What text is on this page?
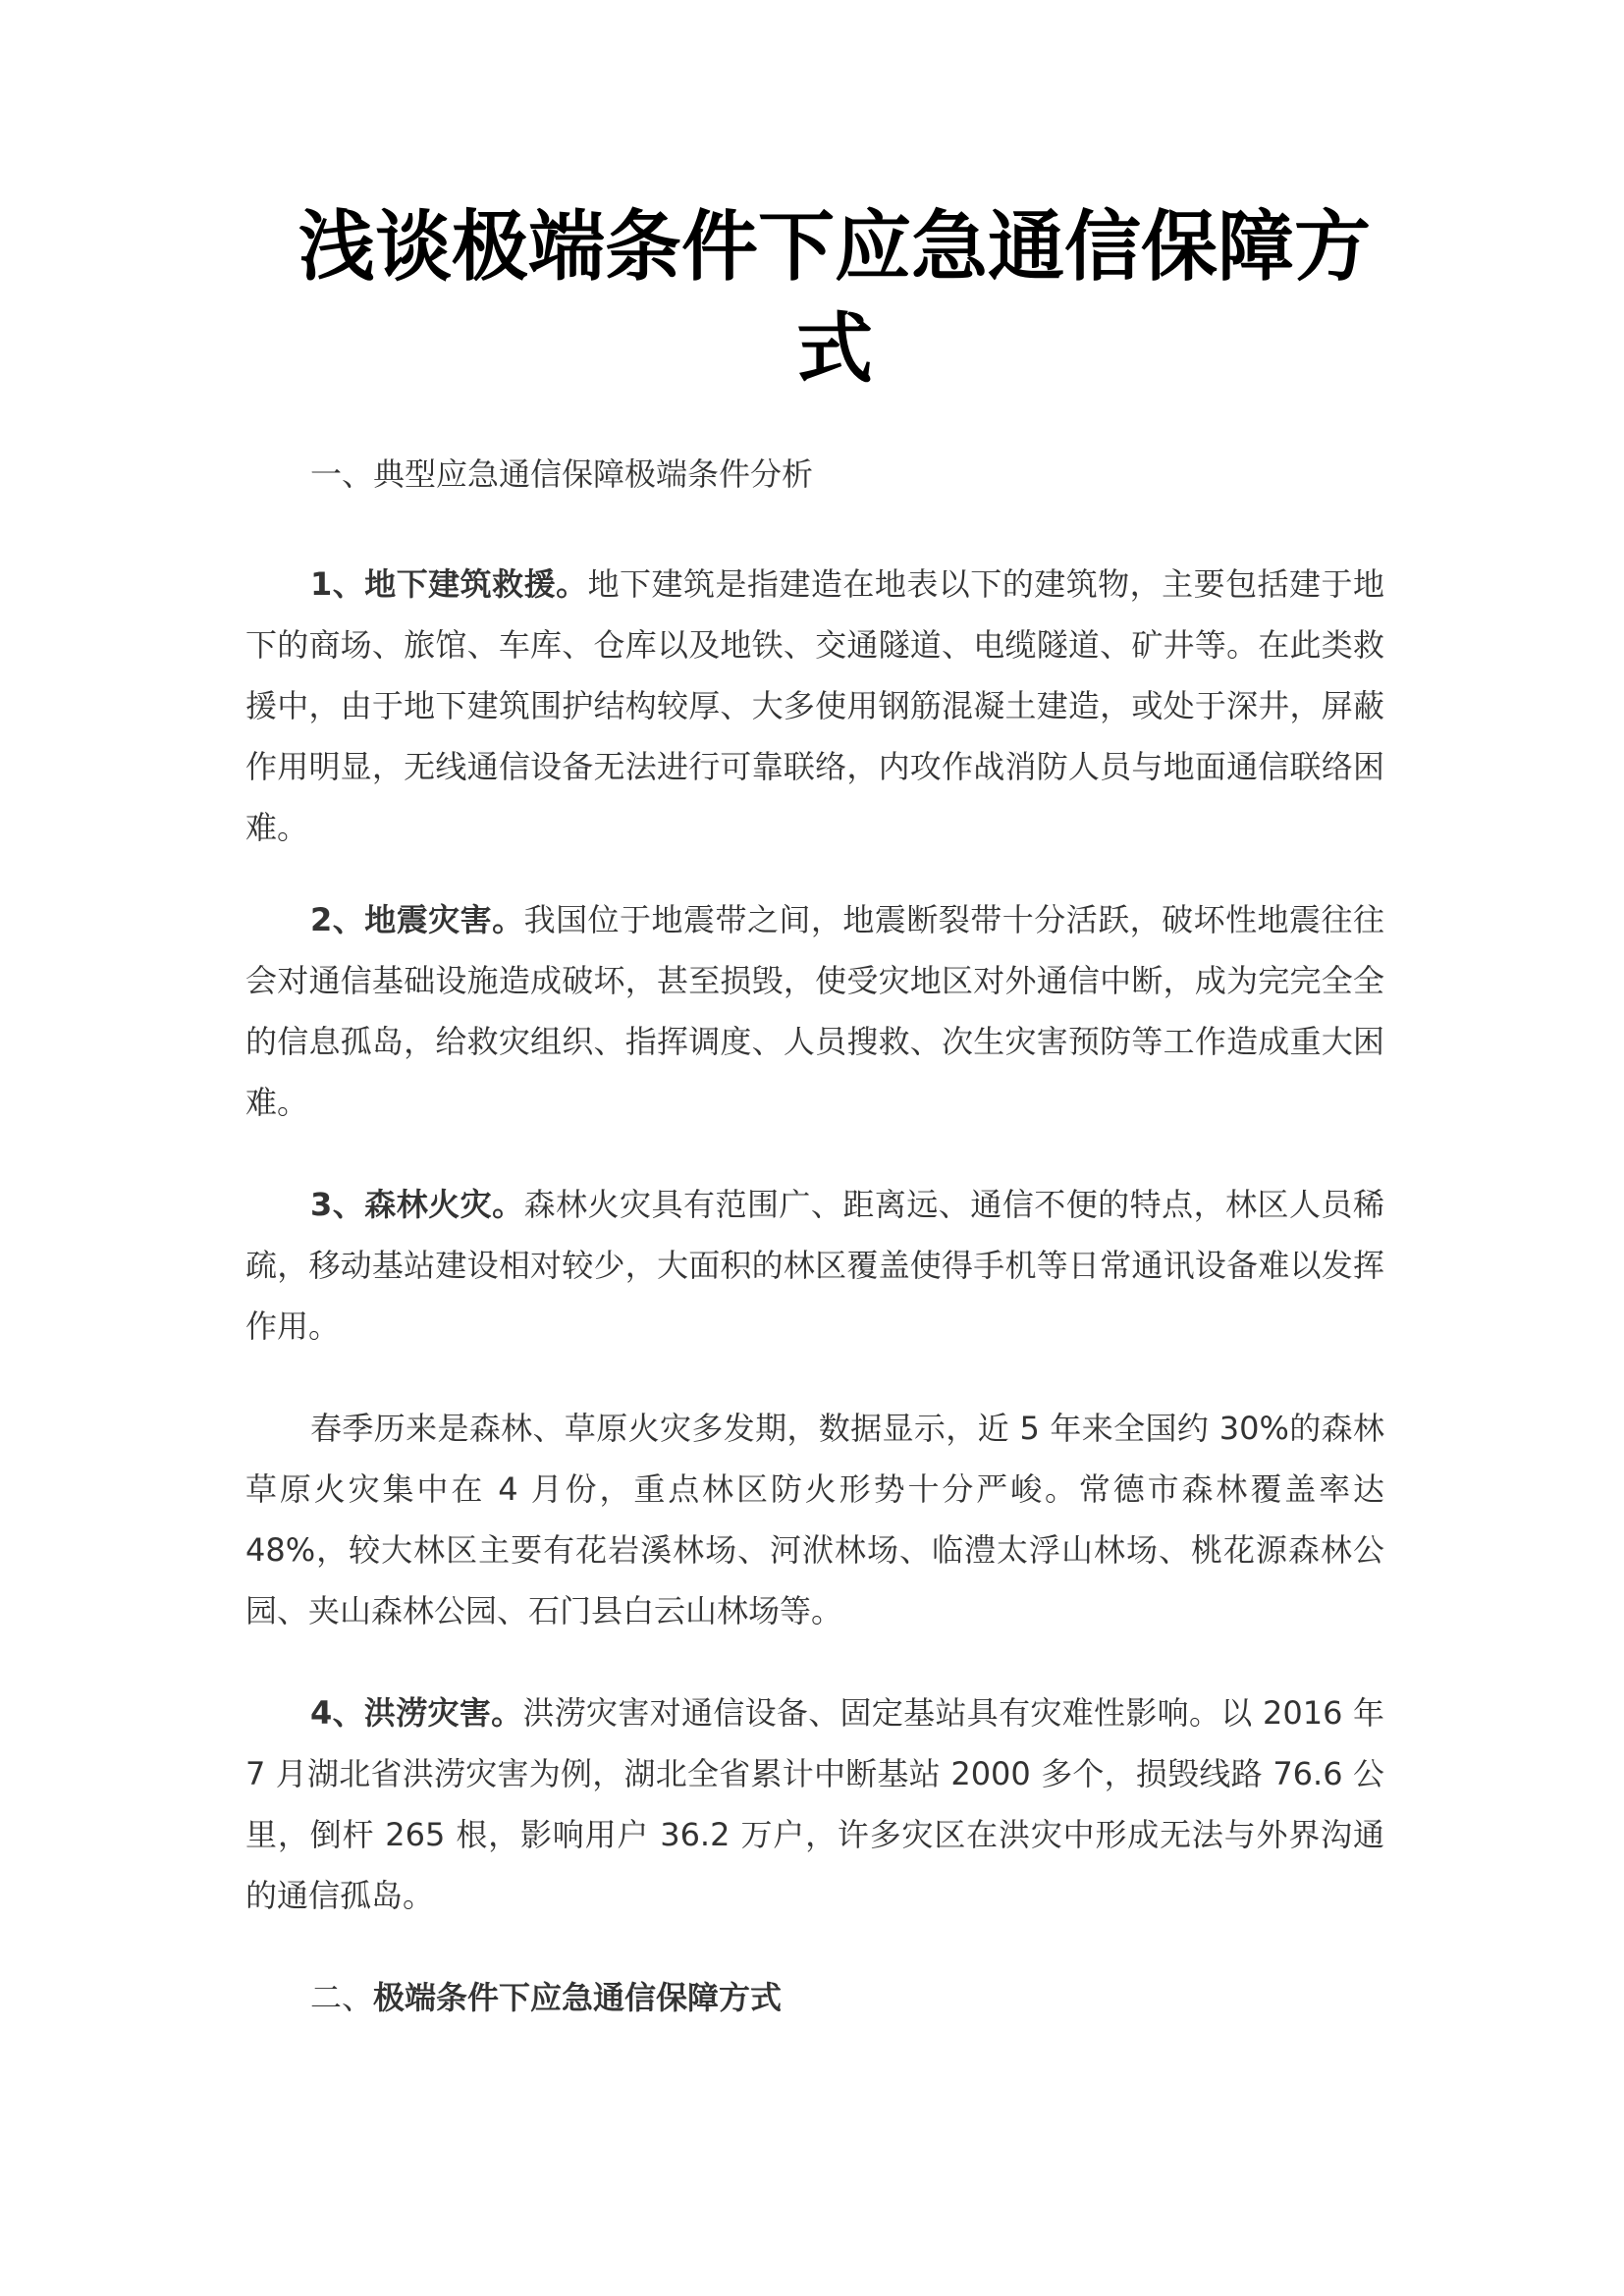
浅谈极端条件下应急通信保障方式

一、典型应急通信保障极端条件分析

1、地下建筑救援。地下建筑是指建造在地表以下的建筑物，主要包括建于地下的商场、旅馆、车库、仓库以及地铁、交通隧道、电缆隧道、矿井等。在此类救援中，由于地下建筑围护结构较厚、大多使用钢筋混凝土建造，或处于深井，屏蔽作用明显，无线通信设备无法进行可靠联络，内攻作战消防人员与地面通信联络困难。

2、地震灾害。我国位于地震带之间，地震断裂带十分活跃，破坏性地震往往会对通信基础设施造成破坏，甚至损毁，使受灾地区对外通信中断，成为完完全全的信息孤岛，给救灾组织、指挥调度、人员搜救、次生灾害预防等工作造成重大困难。

3、森林火灾。森林火灾具有范围广、距离远、通信不便的特点，林区人员稀疏，移动基站建设相对较少，大面积的林区覆盖使得手机等日常通讯设备难以发挥作用。

春季历来是森林、草原火灾多发期，数据显示，近 5 年来全国约 30%的森林草原火灾集中在 4 月份，重点林区防火形势十分严峻。常德市森林覆盖率达 48%，较大林区主要有花岩溪林场、河洑林场、临澧太浮山林场、桃花源森林公园、夹山森林公园、石门县白云山林场等。

4、洪涝灾害。洪涝灾害对通信设备、固定基站具有灾难性影响。以 2016 年 7 月湖北省洪涝灾害为例，湖北全省累计中断基站 2000 多个，损毁线路 76.6 公里，倒杆 265 根，影响用户 36.2 万户，许多灾区在洪灾中形成无法与外界沟通的通信孤岛。

二、极端条件下应急通信保障方式
